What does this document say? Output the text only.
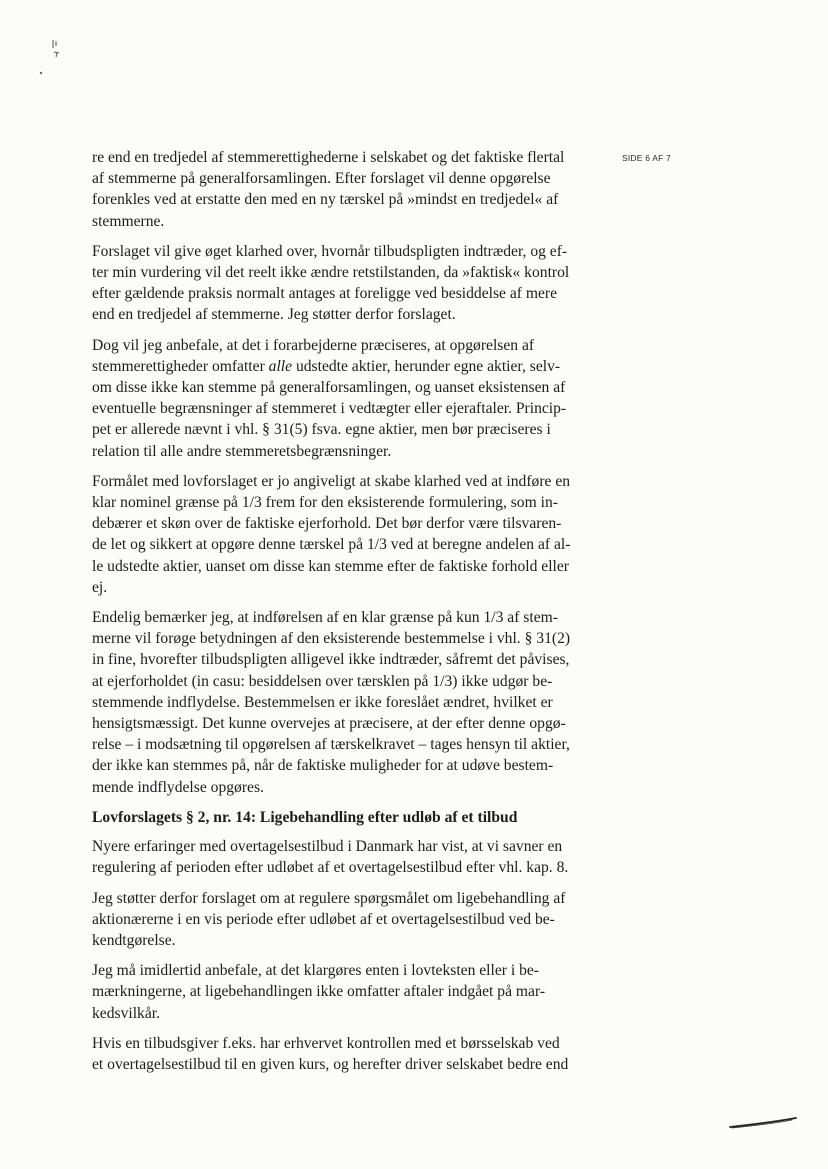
SIDE 6 AF 7

re end en tredjedel af stemmerettighederne i selskabet og det faktiske flertal
af stemmerne på generalforsamlingen. Efter forslaget vil denne opgørelse
forenkles ved at erstatte den med en ny tærskel på »mindst en tredjedel« af
stemmerne.

Forslaget vil give øget klarhed over, hvornår tilbudspligten indtræder, og ef-
ter min vurdering vil det reelt ikke ændre retstilstanden, da »faktisk« kontrol
efter gældende praksis normalt antages at foreligge ved besiddelse af mere
end en tredjedel af stemmerne. Jeg støtter derfor forslaget.

Dog vil jeg anbefale, at det i forarbejderne præciseres, at opgørelsen af
stemmerettigheder omfatter alle udstedte aktier, herunder egne aktier, selv-
om disse ikke kan stemme på generalforsamlingen, og uanset eksistensen af
eventuelle begrænsninger af stemmeret i vedtægter eller ejeraftaler. Princip-
pet er allerede nævnt i vhl. § 31(5) fsva. egne aktier, men bør præciseres i
relation til alle andre stemmeretsbegrænsninger.

Formålet med lovforslaget er jo angiveligt at skabe klarhed ved at indføre en
klar nominel grænse på 1/3 frem for den eksisterende formulering, som in-
debærer et skøn over de faktiske ejerforhold. Det bør derfor være tilsvaren-
de let og sikkert at opgøre denne tærskel på 1/3 ved at beregne andelen af al-
le udstedte aktier, uanset om disse kan stemme efter de faktiske forhold eller
ej.

Endelig bemærker jeg, at indførelsen af en klar grænse på kun 1/3 af stem-
merne vil forøge betydningen af den eksisterende bestemmelse i vhl. § 31(2)
in fine, hvorefter tilbudspligten alligevel ikke indtræder, såfremt det påvises,
at ejerforholdet (in casu: besiddelsen over tærsklen på 1/3) ikke udgør be-
stemmende indflydelse. Bestemmelsen er ikke foreslået ændret, hvilket er
hensigtsmæssigt. Det kunne overvejes at præcisere, at der efter denne opgø-
relse – i modsætning til opgørelsen af tærskelkravet – tages hensyn til aktier,
der ikke kan stemmes på, når de faktiske muligheder for at udøve bestem-
mende indflydelse opgøres.

Lovforslagets § 2, nr. 14: Ligebehandling efter udløb af et tilbud

Nyere erfaringer med overtagelsestilbud i Danmark har vist, at vi savner en
regulering af perioden efter udløbet af et overtagelsestilbud efter vhl. kap. 8.

Jeg støtter derfor forslaget om at regulere spørgsmålet om ligebehandling af
aktionærerne i en vis periode efter udløbet af et overtagelsestilbud ved be-
kendtgørelse.

Jeg må imidlertid anbefale, at det klargøres enten i lovteksten eller i be-
mærkningerne, at ligebehandlingen ikke omfatter aftaler indgået på mar-
kedsvilkår.

Hvis en tilbudsgiver f.eks. har erhvervet kontrollen med et børsselskab ved
et overtagelsestilbud til en given kurs, og herefter driver selskabet bedre end
